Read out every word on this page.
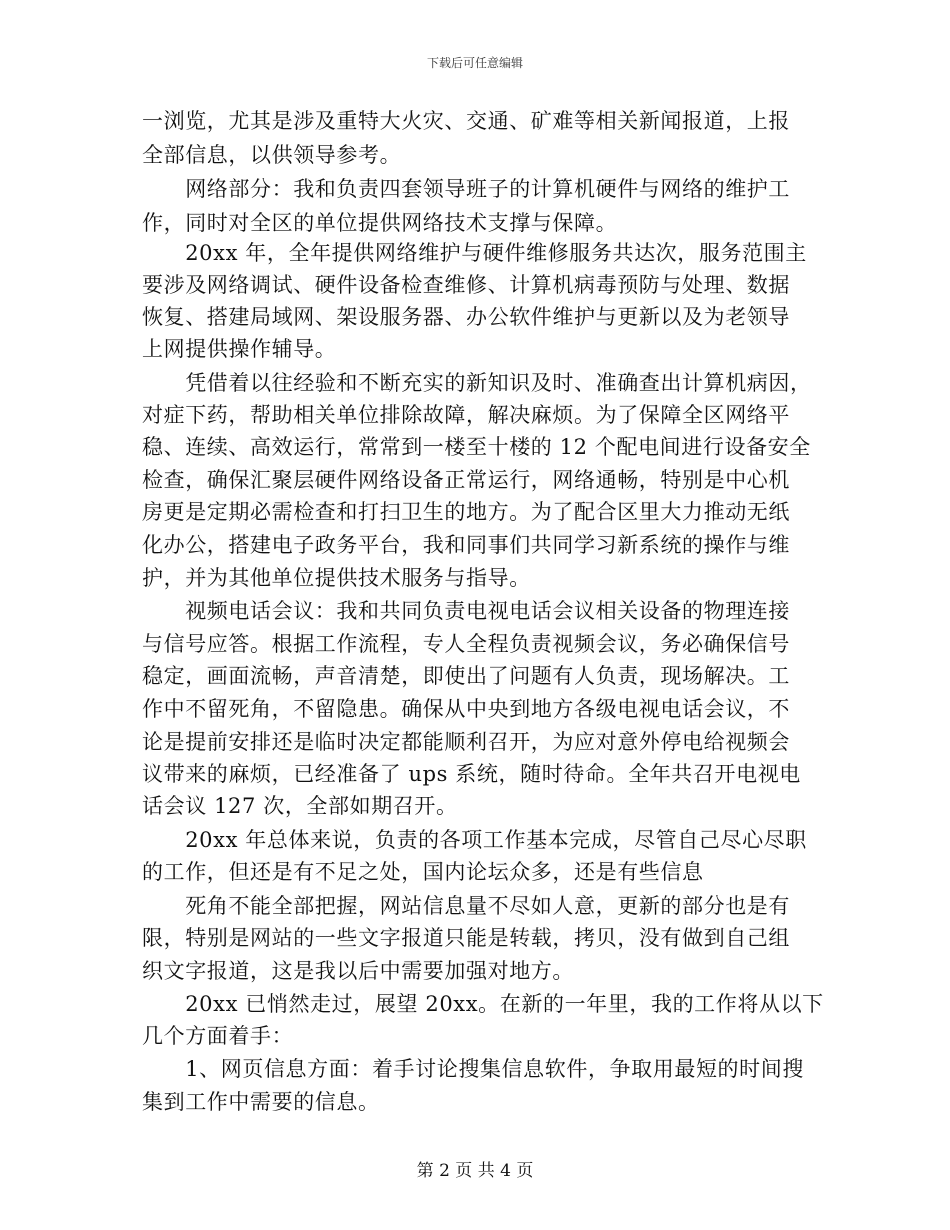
下载后可任意编辑
一浏览，尤其是涉及重特大火灾、交通、矿难等相关新闻报道，上报
全部信息，以供领导参考。
　　网络部分：我和负责四套领导班子的计算机硬件与网络的维护工
作，同时对全区的单位提供网络技术支撑与保障。
　　20xx 年，全年提供网络维护与硬件维修服务共达次，服务范围主
要涉及网络调试、硬件设备检查维修、计算机病毒预防与处理、数据
恢复、搭建局域网、架设服务器、办公软件维护与更新以及为老领导
上网提供操作辅导。
　　凭借着以往经验和不断充实的新知识及时、准确查出计算机病因，
对症下药，帮助相关单位排除故障，解决麻烦。为了保障全区网络平
稳、连续、高效运行，常常到一楼至十楼的 12 个配电间进行设备安全
检查，确保汇聚层硬件网络设备正常运行，网络通畅，特别是中心机
房更是定期必需检查和打扫卫生的地方。为了配合区里大力推动无纸
化办公，搭建电子政务平台，我和同事们共同学习新系统的操作与维
护，并为其他单位提供技术服务与指导。
　　视频电话会议：我和共同负责电视电话会议相关设备的物理连接
与信号应答。根据工作流程，专人全程负责视频会议，务必确保信号
稳定，画面流畅，声音清楚，即使出了问题有人负责，现场解决。工
作中不留死角，不留隐患。确保从中央到地方各级电视电话会议，不
论是提前安排还是临时决定都能顺利召开，为应对意外停电给视频会
议带来的麻烦，已经准备了 ups 系统，随时待命。全年共召开电视电
话会议 127 次，全部如期召开。
　　20xx 年总体来说，负责的各项工作基本完成，尽管自己尽心尽职
的工作，但还是有不足之处，国内论坛众多，还是有些信息
　　死角不能全部把握，网站信息量不尽如人意，更新的部分也是有
限，特别是网站的一些文字报道只能是转载，拷贝，没有做到自己组
织文字报道，这是我以后中需要加强对地方。
　　20xx 已悄然走过，展望 20xx。在新的一年里，我的工作将从以下
几个方面着手：
　　1、网页信息方面：着手讨论搜集信息软件，争取用最短的时间搜
集到工作中需要的信息。
第 2 页 共 4 页
